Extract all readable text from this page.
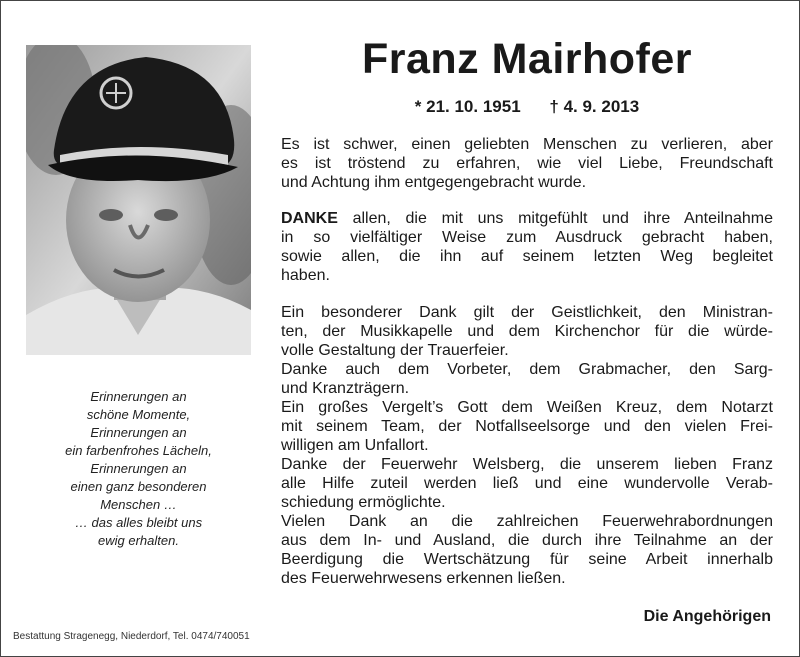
Erinnerungen an
schöne Momente,
Erinnerungen an
ein farbenfrohes Lächeln,
Erinnerungen an
einen ganz besonderen
Menschen …
… das alles bleibt uns
ewig erhalten.
Franz Mairhofer
* 21. 10. 1951 † 4. 9. 2013
Es ist schwer, einen geliebten Menschen zu verlieren, aber
es ist tröstend zu erfahren, wie viel Liebe, Freundschaft
und Achtung ihm entgegengebracht wurde.
DANKE allen, die mit uns mitgefühlt und ihre Anteilnahme
in so vielfältiger Weise zum Ausdruck gebracht haben,
sowie allen, die ihn auf seinem letzten Weg begleitet
haben.
Ein besonderer Dank gilt der Geistlichkeit, den Ministran-
ten, der Musikkapelle und dem Kirchenchor für die würde-
volle Gestaltung der Trauerfeier.
Danke auch dem Vorbeter, dem Grabmacher, den Sarg-
und Kranzträgern.
Ein großes Vergelt’s Gott dem Weißen Kreuz, dem Notarzt
mit seinem Team, der Notfallseelsorge und den vielen Frei-
willigen am Unfallort.
Danke der Feuerwehr Welsberg, die unserem lieben Franz
alle Hilfe zuteil werden ließ und eine wundervolle Verab-
schiedung ermöglichte.
Vielen Dank an die zahlreichen Feuerwehrabordnungen
aus dem In- und Ausland, die durch ihre Teilnahme an der
Beerdigung die Wertschätzung für seine Arbeit innerhalb
des Feuerwehrwesens erkennen ließen.
Die Angehörigen
Bestattung Stragenegg, Niederdorf, Tel. 0474/740051
